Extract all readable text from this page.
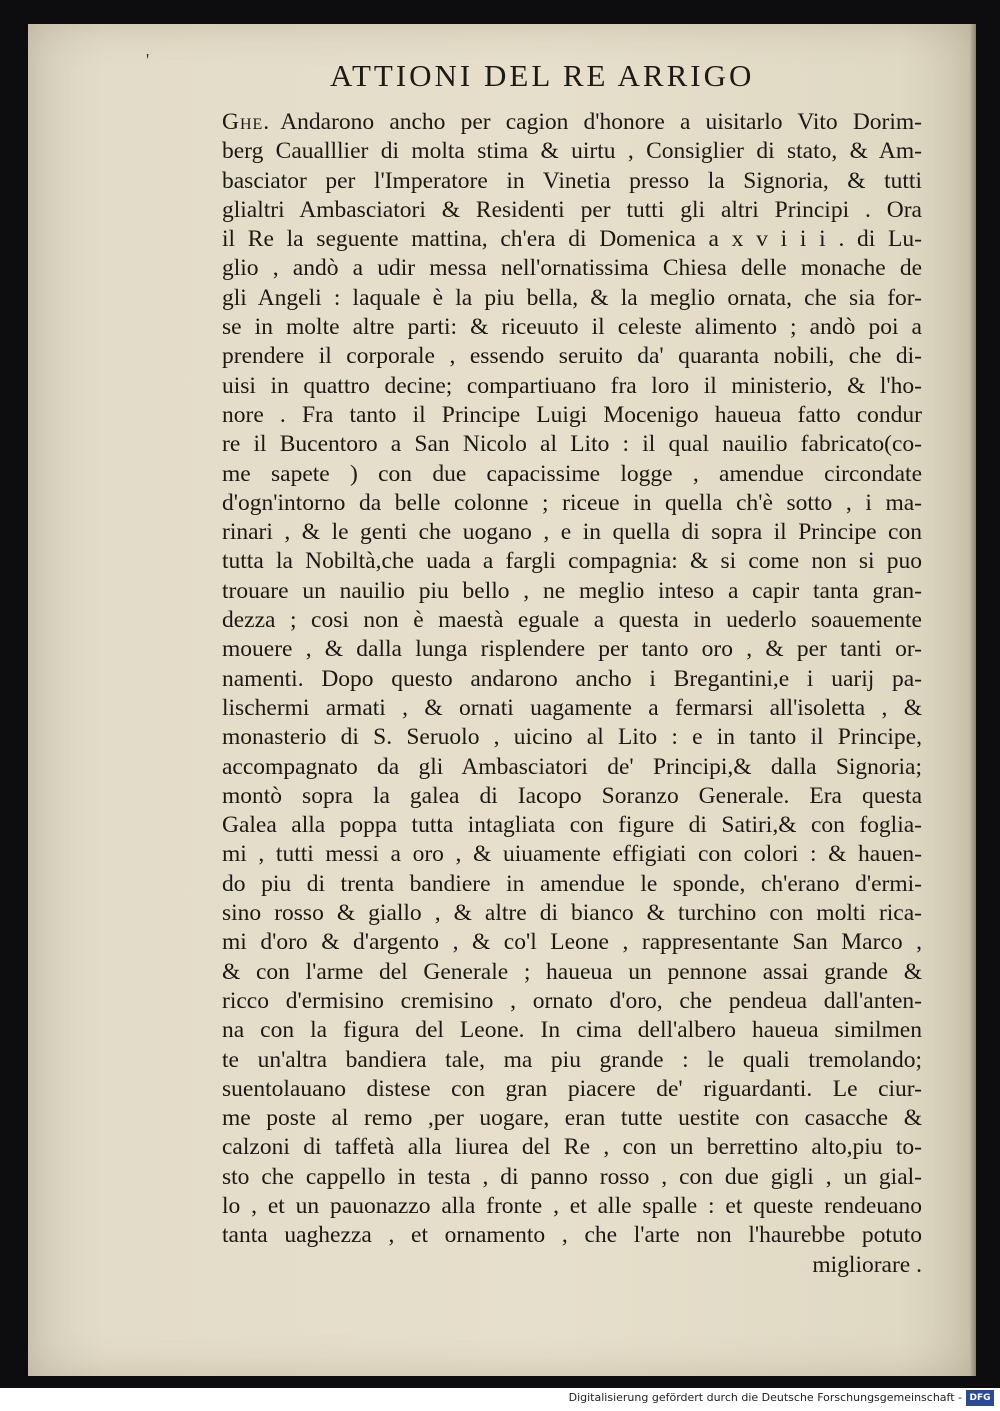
'	ATTIONI DEL RE ARRIGO
Ghe. Andarono ancho per cagion d'honore a uisitarlo Vito Dorim-
berg Caualllier di molta stima & uirtu , Consiglier di stato, & Am-
basciator per l'Imperatore in Vinetia presso la Signoria, & tutti
glialtri Ambasciatori & Residenti per tutti gli altri Principi . Ora
il Re la seguente mattina, ch'era di Domenica a x v i i i . di Lu-
glio , andò a udir messa nell'ornatissima Chiesa delle monache de
gli Angeli : laquale è la piu bella, & la meglio ornata, che sia for-
se in molte altre parti: & riceuuto il celeste alimento ; andò poi a
prendere il corporale , essendo seruito da' quaranta nobili, che di-
uisi in quattro decine; compartiuano fra loro il ministerio, & l'ho-
nore . Fra tanto il Principe Luigi Mocenigo haueua fatto condur
re il Bucentoro a San Nicolo al Lito : il qual nauilio fabricato(co-
me sapete ) con due capacissime logge , amendue circondate
d'ogn'intorno da belle colonne ; riceue in quella ch'è sotto , i ma-
rinari , & le genti che uogano , e in quella di sopra il Principe con
tutta la Nobiltà,che uada a fargli compagnia: & si come non si puo
trouare un nauilio piu bello , ne meglio inteso a capir tanta gran-
dezza ; cosi non è maestà eguale a questa in uederlo soauemente
mouere , & dalla lunga risplendere per tanto oro , & per tanti or-
namenti. Dopo questo andarono ancho i Bregantini,e i uarij pa-
lischermi armati , & ornati uagamente a fermarsi all'isoletta , &
monasterio di S. Seruolo , uicino al Lito : e in tanto il Principe,
accompagnato da gli Ambasciatori de' Principi,& dalla Signoria;
montò sopra la galea di Iacopo Soranzo Generale. Era questa
Galea alla poppa tutta intagliata con figure di Satiri,& con foglia-
mi , tutti messi a oro , & uiuamente effigiati con colori : & hauen-
do piu di trenta bandiere in amendue le sponde, ch'erano d'ermi-
sino rosso & giallo , & altre di bianco & turchino con molti rica-
mi d'oro & d'argento , & co'l Leone , rappresentante San Marco ,
& con l'arme del Generale ; haueua un pennone assai grande &
ricco d'ermisino cremisino , ornato d'oro, che pendeua dall'anten-
na con la figura del Leone. In cima dell'albero haueua similmen
te un'altra bandiera tale, ma piu grande : le quali tremolando;
suentolauano distese con gran piacere de' riguardanti. Le ciur-
me poste al remo ,per uogare, eran tutte uestite con casacche &
calzoni di taffetà alla liurea del Re , con un berrettino alto,piu to-
sto che cappello in testa , di panno rosso , con due gigli , un gial-
lo , et un pauonazzo alla fronte , et alle spalle : et queste rendeuano
tanta uaghezza , et ornamento , che l'arte non l'haurebbe potuto
migliorare .
Digitalisierung gefördert durch die Deutsche Forschungsgemeinschaft - DFG
